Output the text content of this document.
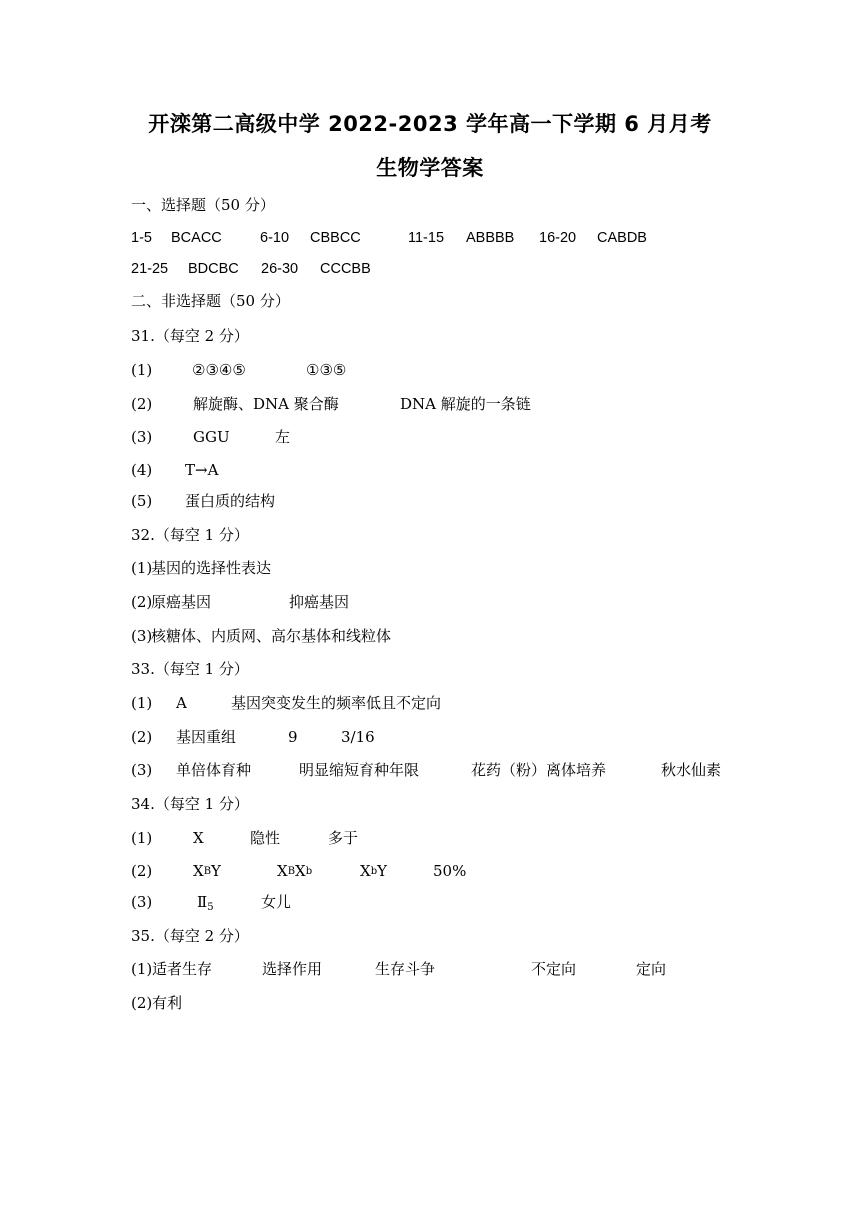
开滦第二高级中学 2022-2023 学年高一下学期 6 月月考
生物学答案
一、选择题（50 分）
1-5 BCACC	6-10 CBBCC	11-15 ABBBB 16-20 CABDB
21-25 BDCBC 26-30 CCCBB
二、非选择题（50 分）
31.（每空 2 分）
(1)	②③④⑤	①③⑤
(2)	解旋酶、DNA 聚合酶	DNA 解旋的一条链
(3)	GGU	左
(4) T→A
(5) 蛋白质的结构
32.（每空 1 分）
(1)
基因的选择性表达
(2)
原癌基因	抑癌基因
(3)
核糖体、内质网、高尔基体和线粒体
33.（每空 1 分）
(1) A	基因突变发生的频率低且不定向
(2) 基因重组	9	3/16
(3) 单倍体育种	明显缩短育种年限	花药（粉）离体培养	秋水仙素
34.（每空 1 分）
(1)	X	隐性	多于
(2)	$X^BY$	$X^BX^b$	$X^bY$	50%
(3)	$Ⅱ_5$	女儿
35.（每空 2 分）
(1) 适者生存	选择作用	生存斗争	不定向	定向
(2) 有利
